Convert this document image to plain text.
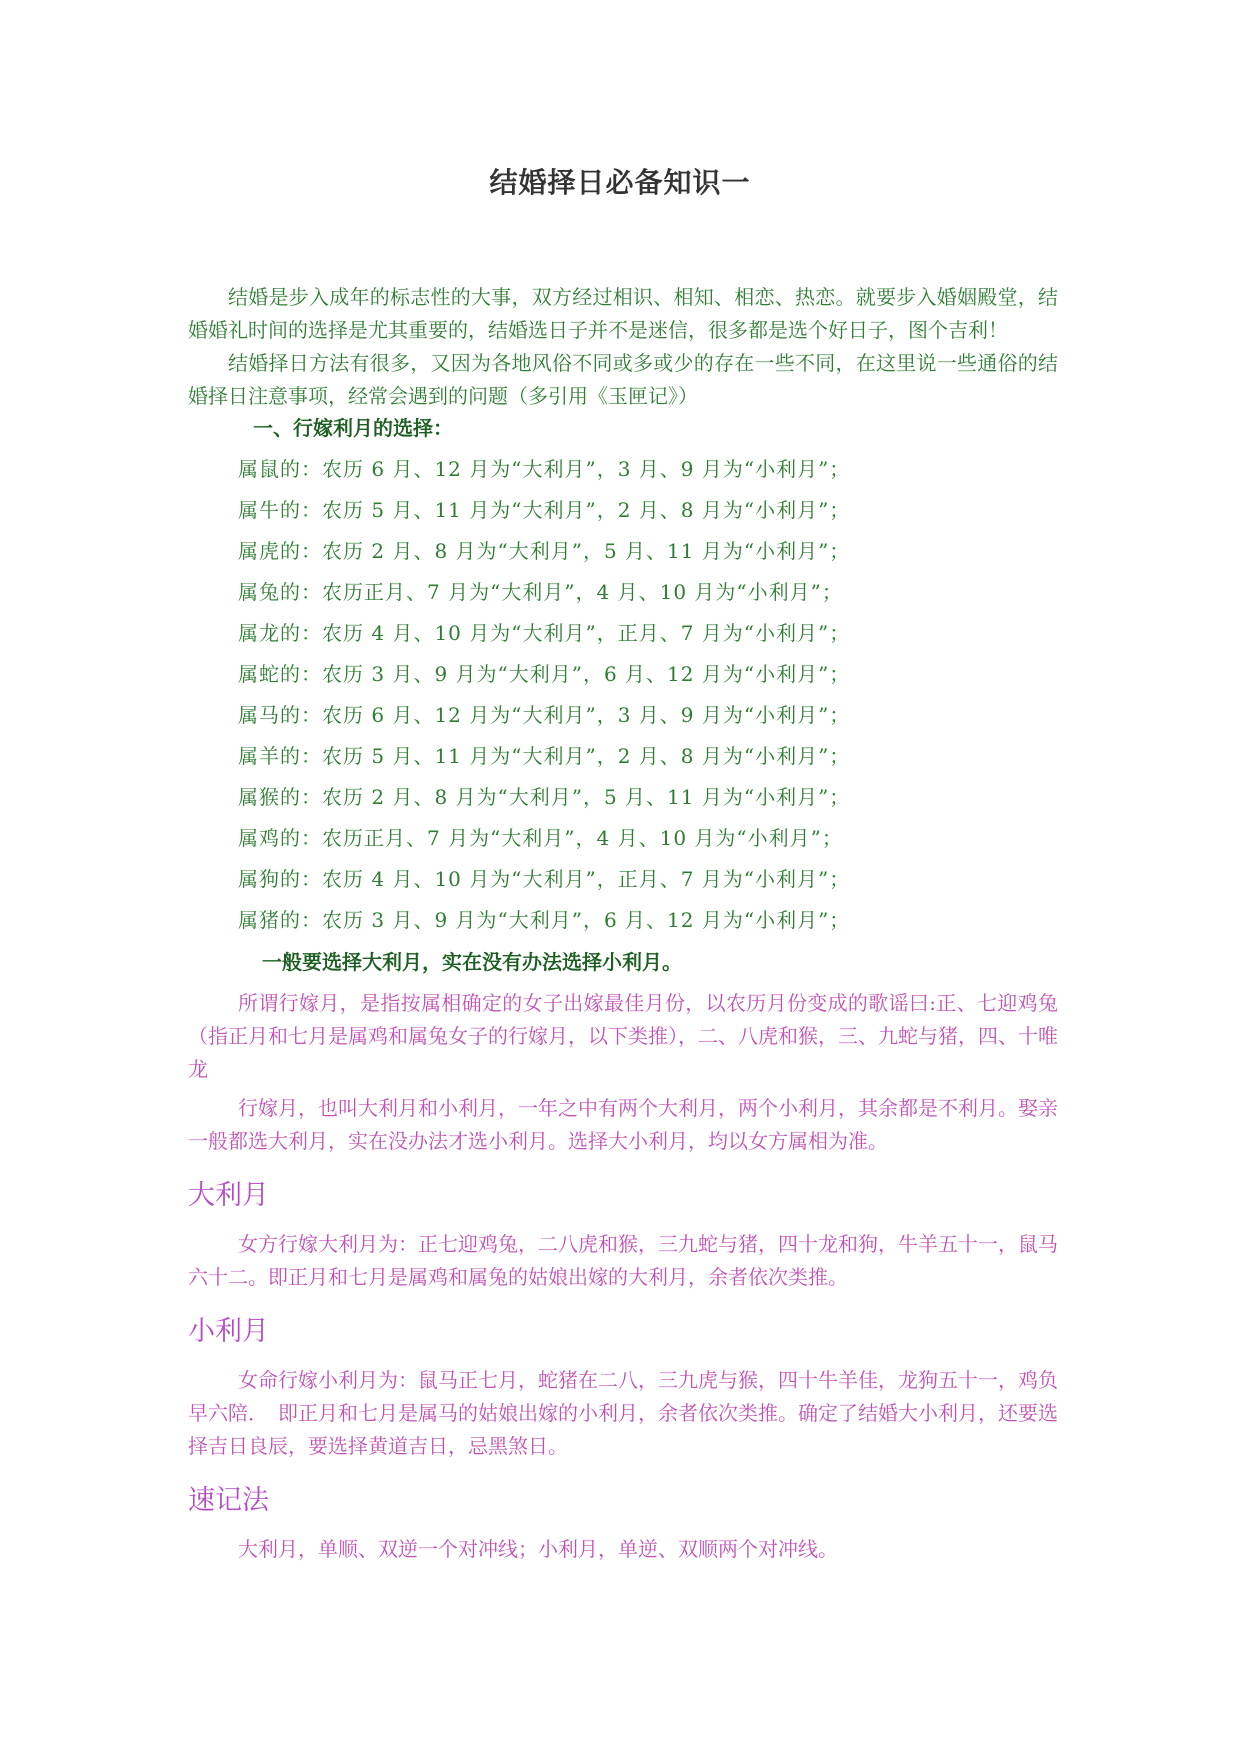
结婚择日必备知识一

结婚是步入成年的标志性的大事，双方经过相识、相知、相恋、热恋。就要步入婚姻殿堂，结婚婚礼时间的选择是尤其重要的，结婚选日子并不是迷信，很多都是选个好日子，图个吉利！

结婚择日方法有很多，又因为各地风俗不同或多或少的存在一些不同，在这里说一些通俗的结婚择日注意事项，经常会遇到的问题（多引用《玉匣记》）

一、行嫁利月的选择：

属鼠的：农历 6 月、12 月为“大利月”，3 月、9 月为“小利月”；
属牛的：农历 5 月、11 月为“大利月”，2 月、8 月为“小利月”；
属虎的：农历 2 月、8 月为“大利月”，5 月、11 月为“小利月”；
属兔的：农历正月、7 月为“大利月”，4 月、10 月为“小利月”；
属龙的：农历 4 月、10 月为“大利月”，正月、7 月为“小利月”；
属蛇的：农历 3 月、9 月为“大利月”，6 月、12 月为“小利月”；
属马的：农历 6 月、12 月为“大利月”，3 月、9 月为“小利月”；
属羊的：农历 5 月、11 月为“大利月”，2 月、8 月为“小利月”；
属猴的：农历 2 月、8 月为“大利月”，5 月、11 月为“小利月”；
属鸡的：农历正月、7 月为“大利月”，4 月、10 月为“小利月”；
属狗的：农历 4 月、10 月为“大利月”，正月、7 月为“小利月”；
属猪的：农历 3 月、9 月为“大利月”，6 月、12 月为“小利月”；

一般要选择大利月，实在没有办法选择小利月。

所谓行嫁月，是指按属相确定的女子出嫁最佳月份，以农历月份变成的歌谣曰:正、七迎鸡兔（指正月和七月是属鸡和属兔女子的行嫁月，以下类推），二、八虎和猴，三、九蛇与猪，四、十唯龙

行嫁月，也叫大利月和小利月，一年之中有两个大利月，两个小利月，其余都是不利月。娶亲一般都选大利月，实在没办法才选小利月。选择大小利月，均以女方属相为准。

大利月

女方行嫁大利月为：正七迎鸡兔，二八虎和猴，三九蛇与猪，四十龙和狗，牛羊五十一，鼠马六十二。即正月和七月是属鸡和属兔的姑娘出嫁的大利月，余者依次类推。

小利月

女命行嫁小利月为：鼠马正七月，蛇猪在二八，三九虎与猴，四十牛羊佳，龙狗五十一，鸡负早六陪．　即正月和七月是属马的姑娘出嫁的小利月，余者依次类推。确定了结婚大小利月，还要选择吉日良辰，要选择黄道吉日，忌黑煞日。

速记法

大利月，单顺、双逆一个对冲线；小利月，单逆、双顺两个对冲线。
